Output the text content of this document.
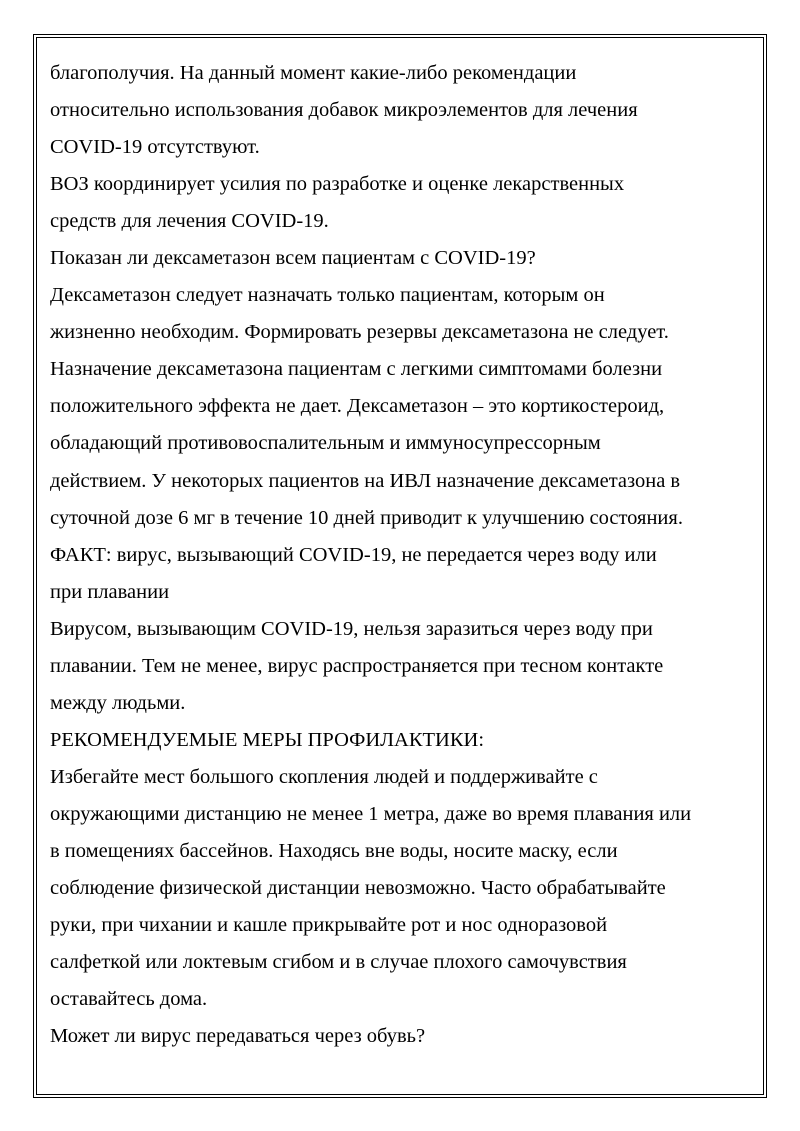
благополучия. На данный момент какие-либо рекомендации

относительно использования добавок микроэлементов для лечения

COVID-19 отсутствуют.

ВОЗ координирует усилия по разработке и оценке лекарственных

средств для лечения COVID-19.

Показан ли дексаметазон всем пациентам с COVID-19?

Дексаметазон следует назначать только пациентам, которым он

жизненно необходим. Формировать резервы дексаметазона не следует.

Назначение дексаметазона пациентам с легкими симптомами болезни

положительного эффекта не дает. Дексаметазон – это кортикостероид,

обладающий противовоспалительным и иммуносупрессорным

действием. У некоторых пациентов на ИВЛ назначение дексаметазона в

суточной дозе 6 мг в течение 10 дней приводит к улучшению состояния.

ФАКТ: вирус, вызывающий COVID-19, не передается через воду или

при плавании

Вирусом, вызывающим COVID-19, нельзя заразиться через воду при

плавании. Тем не менее, вирус распространяется при тесном контакте

между людьми.

РЕКОМЕНДУЕМЫЕ МЕРЫ ПРОФИЛАКТИКИ:

Избегайте мест большого скопления людей и поддерживайте с

окружающими дистанцию не менее 1 метра, даже во время плавания или

в помещениях бассейнов. Находясь вне воды, носите маску, если

соблюдение физической дистанции невозможно. Часто обрабатывайте

руки, при чихании и кашле прикрывайте рот и нос одноразовой

салфеткой или локтевым сгибом и в случае плохого самочувствия

оставайтесь дома.

Может ли вирус передаваться через обувь?
